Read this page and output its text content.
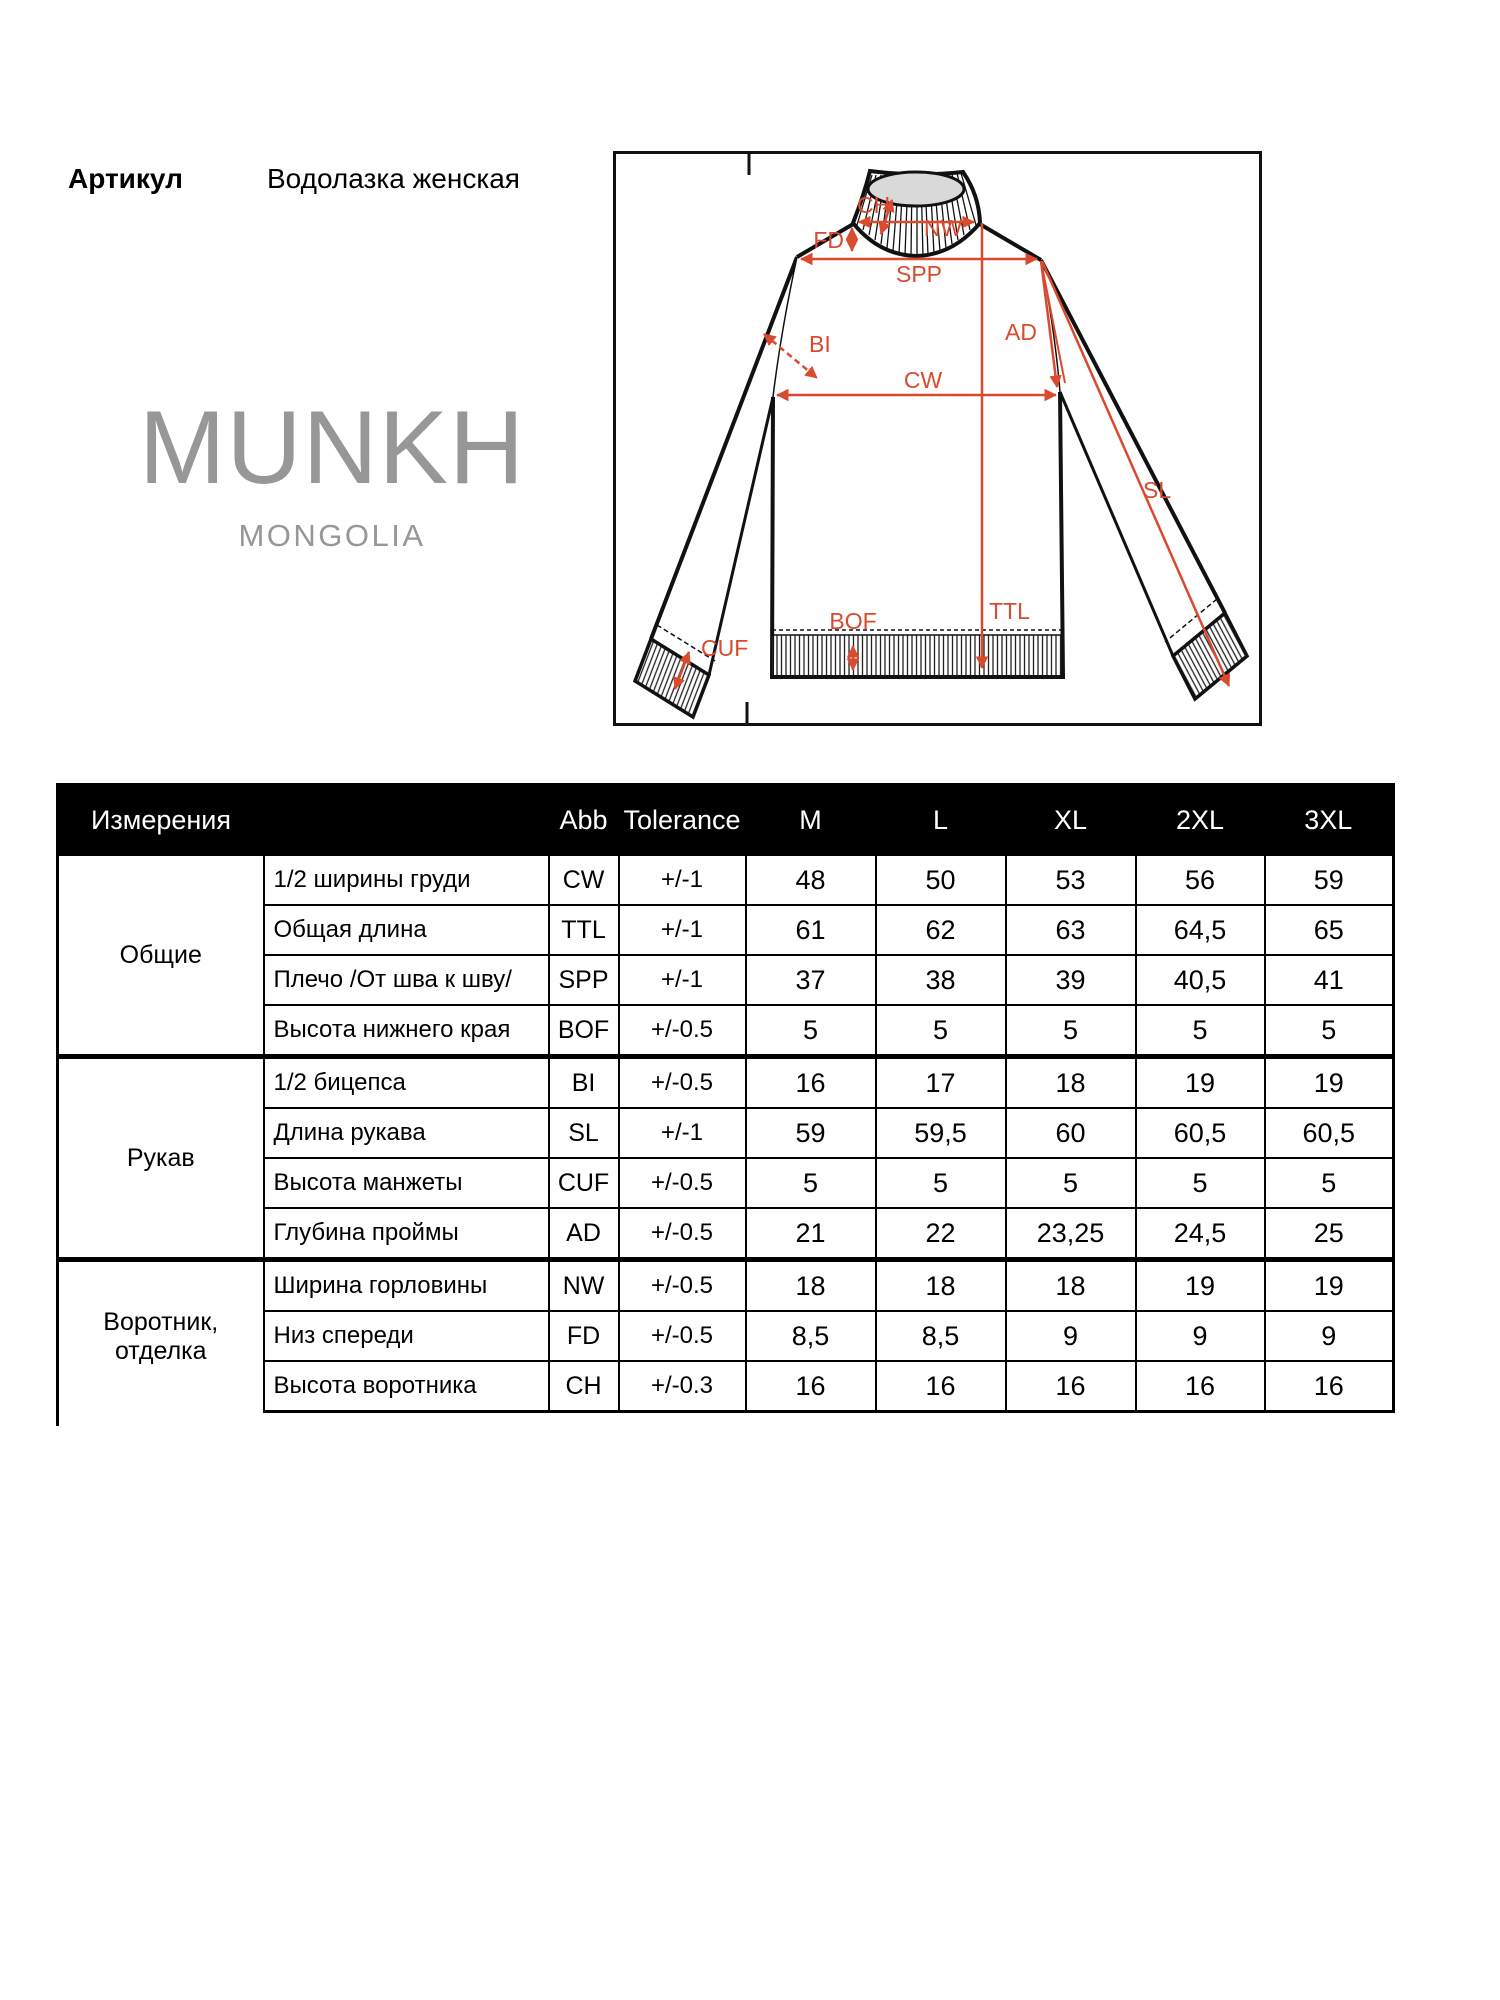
Артикул	Водолазка женская
MUNKH
MONGOLIA
CH
NW
FD
SPP
BI
CW
AD
SL
TTL
CUF
BOF
Измерения		Abb	Tolerance	M	L	XL	2XL	3XL
Общие	1/2 ширины груди	CW	+/-1	48	50	53	56	59
	Общая длина	TTL	+/-1	61	62	63	64,5	65
	Плечо /От шва к шву/	SPP	+/-1	37	38	39	40,5	41
	Высота нижнего края	BOF	+/-0.5	5	5	5	5	5
Рукав	1/2 бицепса	BI	+/-0.5	16	17	18	19	19
	Длина рукава	SL	+/-1	59	59,5	60	60,5	60,5
	Высота манжеты	CUF	+/-0.5	5	5	5	5	5
	Глубина проймы	AD	+/-0.5	21	22	23,25	24,5	25
Воротник, отделка	Ширина горловины	NW	+/-0.5	18	18	18	19	19
	Низ спереди	FD	+/-0.5	8,5	8,5	9	9	9
	Высота воротника	CH	+/-0.3	16	16	16	16	16
